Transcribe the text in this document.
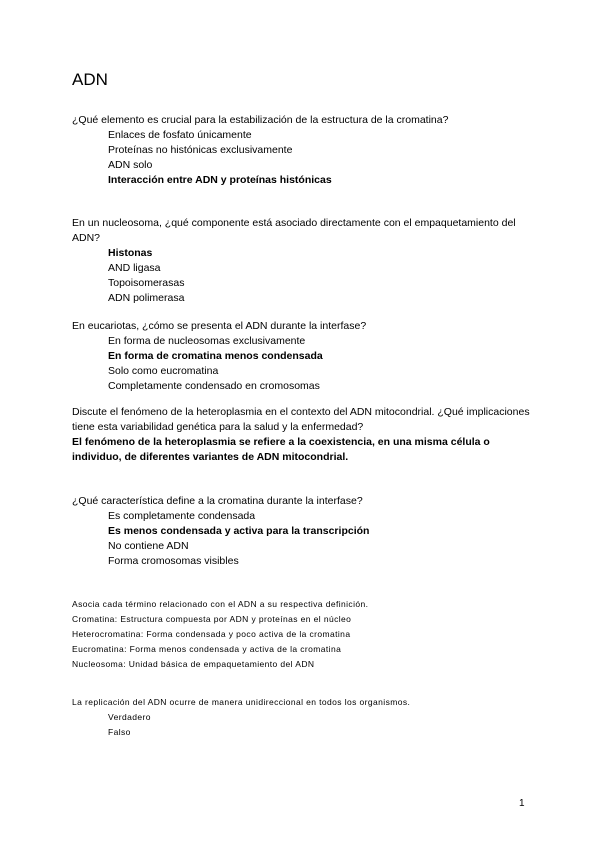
ADN

¿Qué elemento es crucial para la estabilización de la estructura de la cromatina?

Enlaces de fosfato únicamente
Proteínas no histónicas exclusivamente
ADN solo
Interacción entre ADN y proteínas histónicas

En un nucleosoma, ¿qué componente está asociado directamente con el empaquetamiento del ADN?

Histonas
AND ligasa
Topoisomerasas
ADN polimerasa

En eucariotas, ¿cómo se presenta el ADN durante la interfase?

En forma de nucleosomas exclusivamente
En forma de cromatina menos condensada
Solo como eucromatina
Completamente condensado en cromosomas

Discute el fenómeno de la heteroplasmia en el contexto del ADN mitocondrial. ¿Qué implicaciones tiene esta variabilidad genética para la salud y la enfermedad?

El fenómeno de la heteroplasmia se refiere a la coexistencia, en una misma célula o individuo, de diferentes variantes de ADN mitocondrial.

¿Qué característica define a la cromatina durante la interfase?

Es completamente condensada
Es menos condensada y activa para la transcripción
No contiene ADN
Forma cromosomas visibles

Asocia cada término relacionado con el ADN a su respectiva definición.

Cromatina: Estructura compuesta por ADN y proteínas en el núcleo

Heterocromatina: Forma condensada y poco activa de la cromatina

Eucromatina: Forma menos condensada y activa de la cromatina

Nucleosoma: Unidad básica de empaquetamiento del ADN

La replicación del ADN ocurre de manera unidireccional en todos los organismos.

Verdadero
Falso
1
